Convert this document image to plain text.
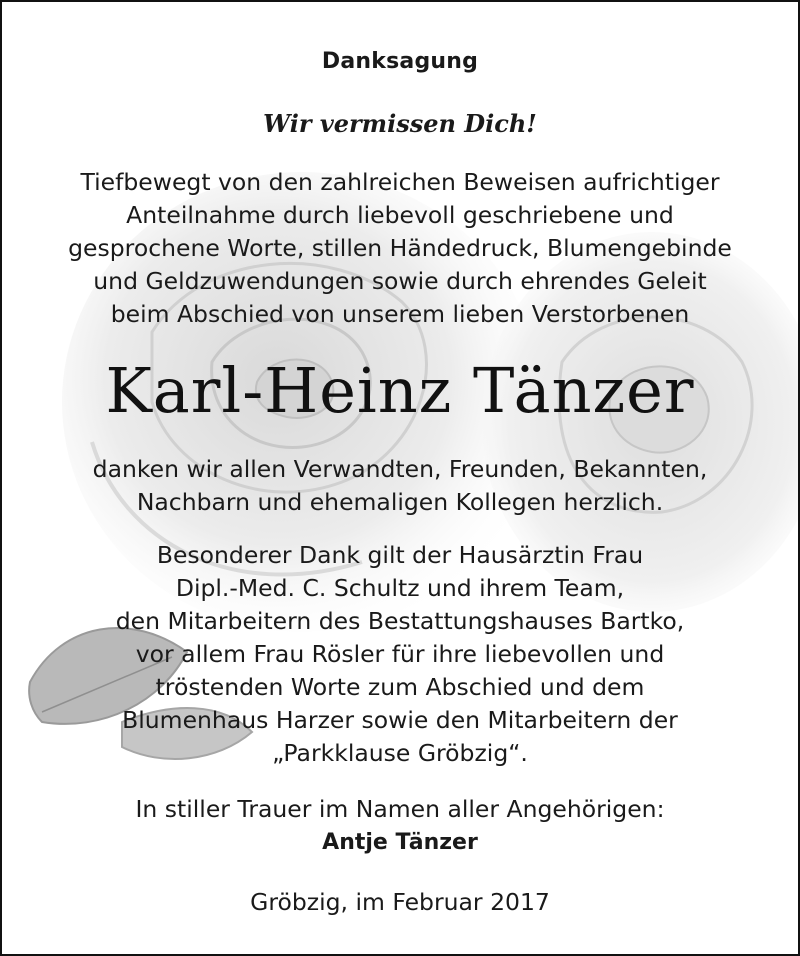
Danksagung
Wir vermissen Dich!
Tiefbewegt von den zahlreichen Beweisen aufrichtiger
Anteilnahme durch liebevoll geschriebene und
gesprochene Worte, stillen Händedruck, Blumengebinde
und Geldzuwendungen sowie durch ehrendes Geleit
beim Abschied von unserem lieben Verstorbenen
Karl-Heinz Tänzer
danken wir allen Verwandten, Freunden, Bekannten,
Nachbarn und ehemaligen Kollegen herzlich.
Besonderer Dank gilt der Hausärztin Frau
Dipl.-Med. C. Schultz und ihrem Team,
den Mitarbeitern des Bestattungshauses Bartko,
vor allem Frau Rösler für ihre liebevollen und
tröstenden Worte zum Abschied und dem
Blumenhaus Harzer sowie den Mitarbeitern der
„Parkklause Gröbzig“.
In stiller Trauer im Namen aller Angehörigen:
Antje Tänzer
Gröbzig, im Februar 2017
